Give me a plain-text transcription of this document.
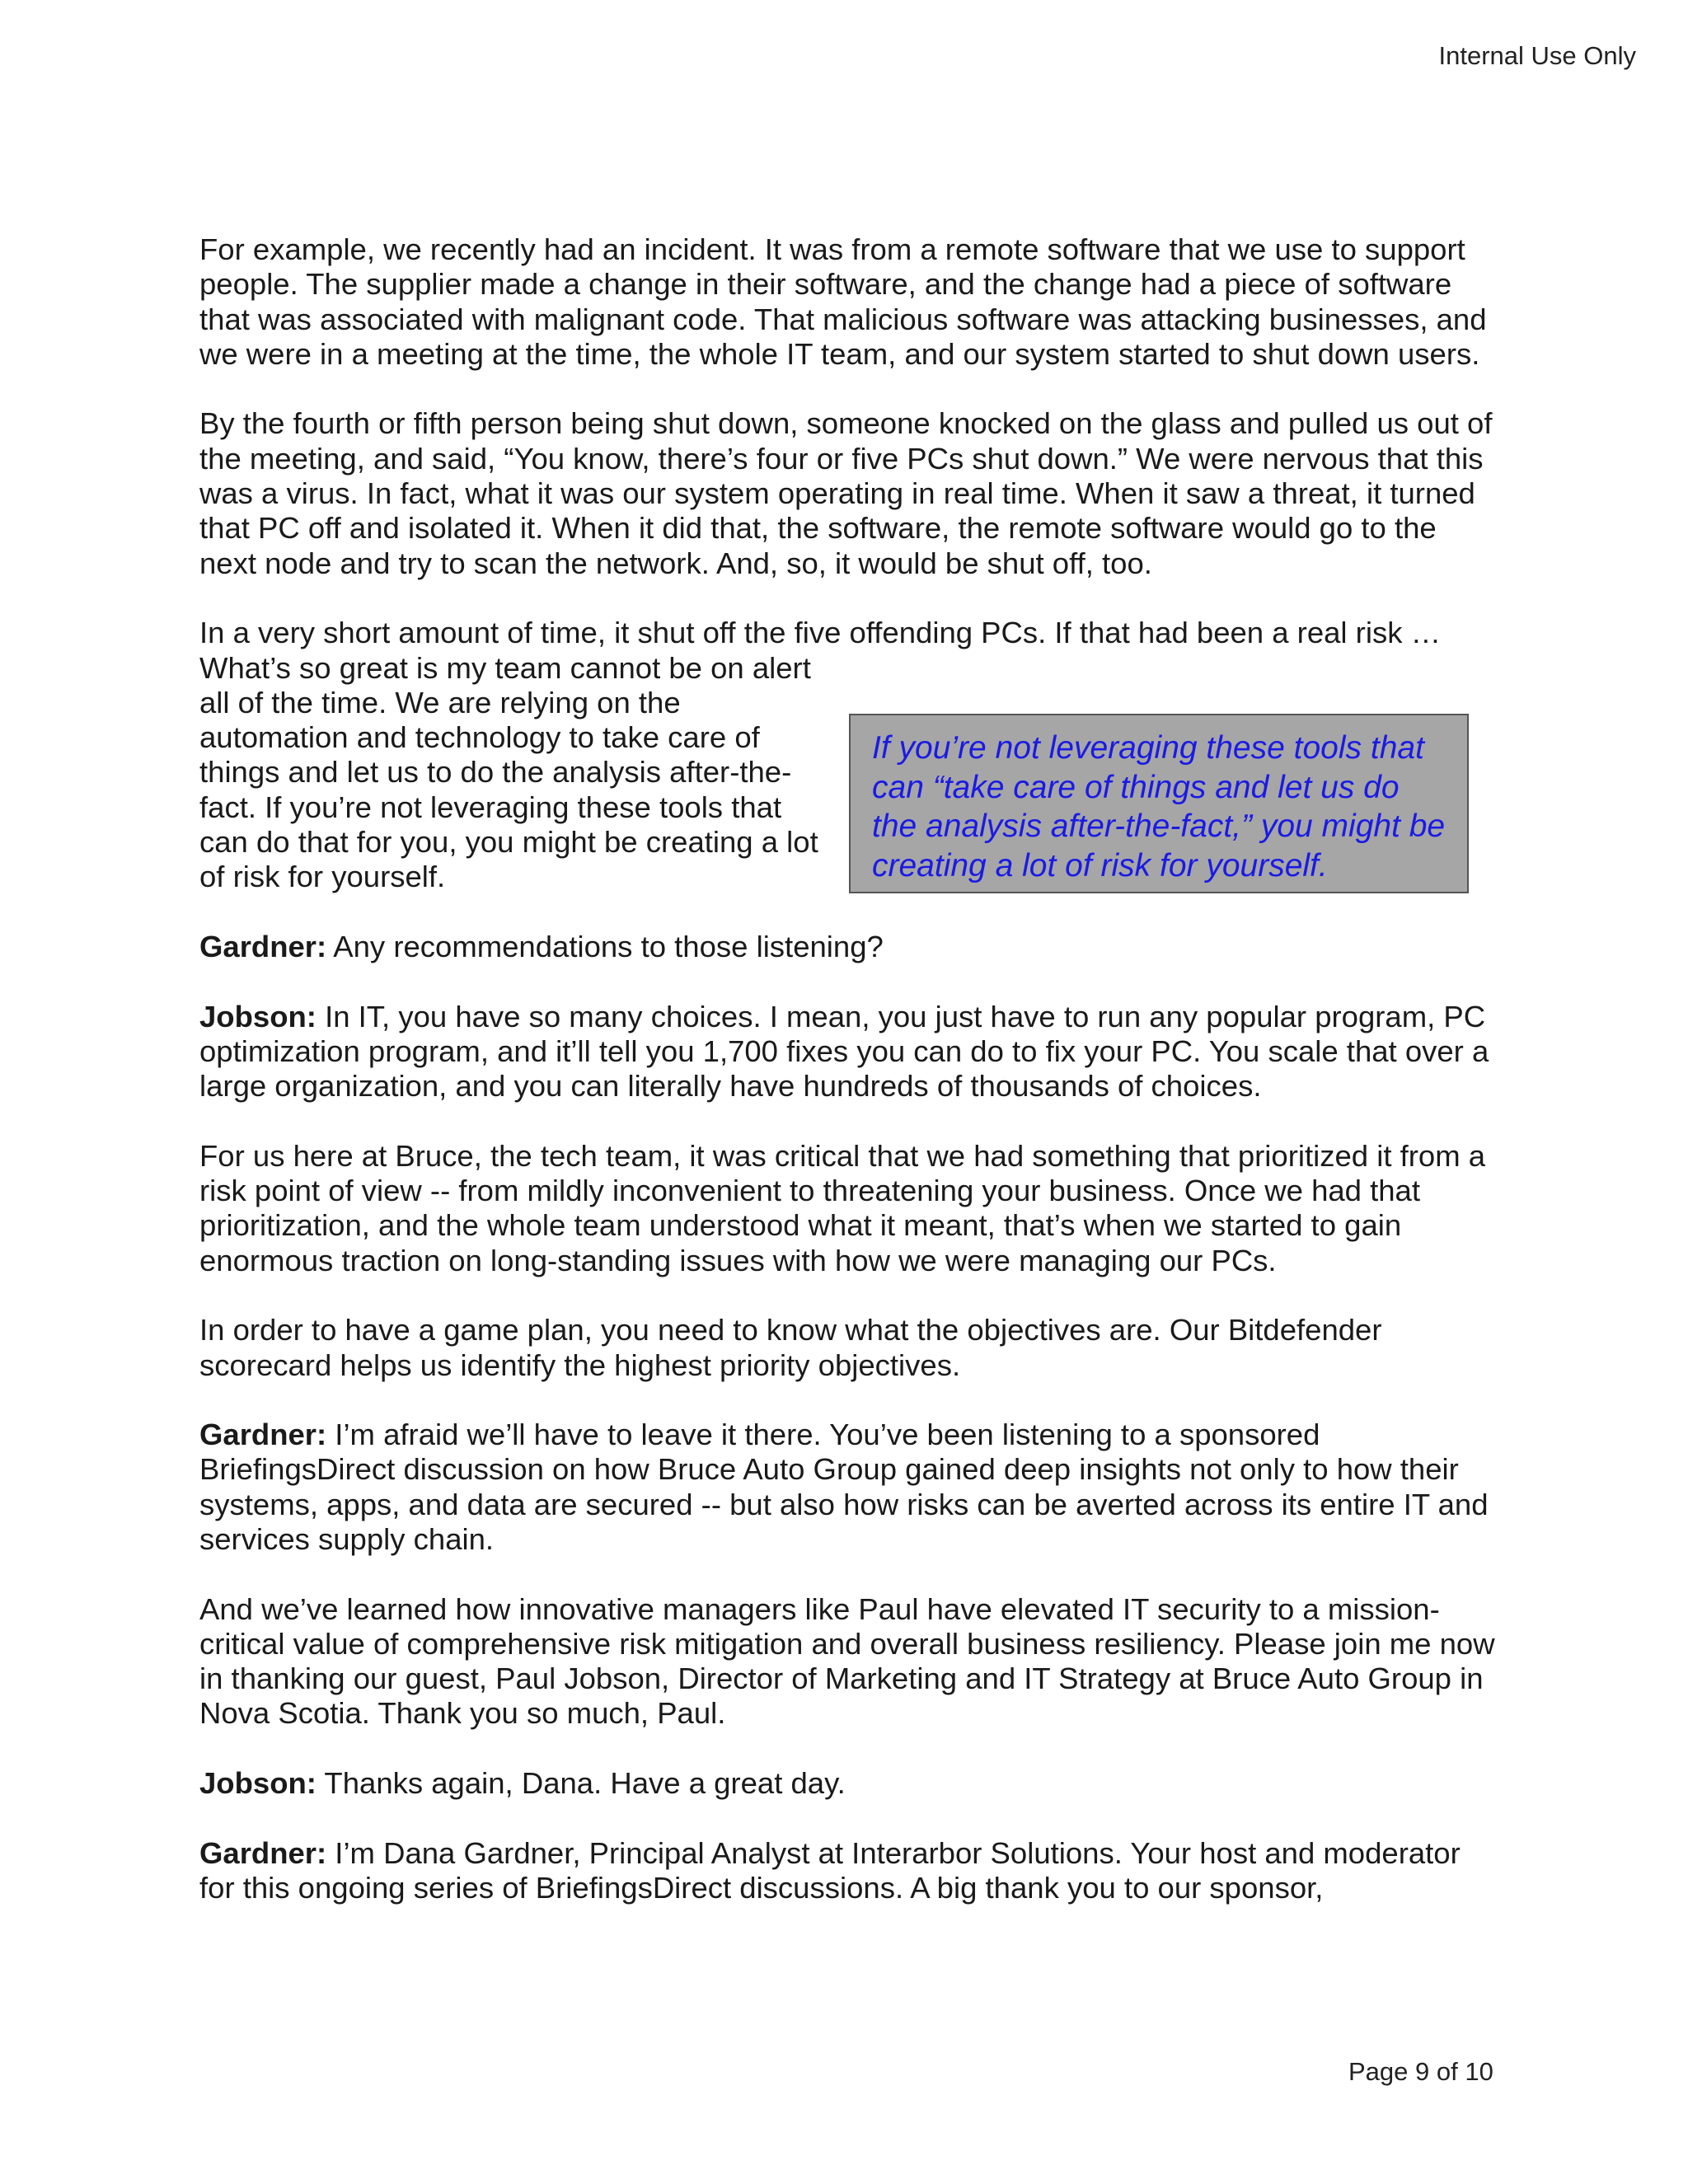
Internal Use Only

For example, we recently had an incident. It was from a remote software that we use to support people. The supplier made a change in their software, and the change had a piece of software that was associated with malignant code. That malicious software was attacking businesses, and we were in a meeting at the time, the whole IT team, and our system started to shut down users.

By the fourth or fifth person being shut down, someone knocked on the glass and pulled us out of the meeting, and said, “You know, there’s four or five PCs shut down.” We were nervous that this was a virus. In fact, what it was our system operating in real time. When it saw a threat, it turned that PC off and isolated it. When it did that, the software, the remote software would go to the next node and try to scan the network. And, so, it would be shut off, too.

In a very short amount of time, it shut off the five offending PCs. If that had been a real risk …

What’s so great is my team cannot be on alert all of the time. We are relying on the automation and technology to take care of things and let us to do the analysis after-the-fact. If you’re not leveraging these tools that can do that for you, you might be creating a lot of risk for yourself.

Gardner: Any recommendations to those listening?

Jobson: In IT, you have so many choices. I mean, you just have to run any popular program, PC optimization program, and it’ll tell you 1,700 fixes you can do to fix your PC. You scale that over a large organization, and you can literally have hundreds of thousands of choices.

For us here at Bruce, the tech team, it was critical that we had something that prioritized it from a risk point of view -- from mildly inconvenient to threatening your business. Once we had that prioritization, and the whole team understood what it meant, that’s when we started to gain enormous traction on long-standing issues with how we were managing our PCs.

In order to have a game plan, you need to know what the objectives are. Our Bitdefender scorecard helps us identify the highest priority objectives.

Gardner: I’m afraid we’ll have to leave it there. You’ve been listening to a sponsored BriefingsDirect discussion on how Bruce Auto Group gained deep insights not only to how their systems, apps, and data are secured -- but also how risks can be averted across its entire IT and services supply chain.

And we’ve learned how innovative managers like Paul have elevated IT security to a mission-critical value of comprehensive risk mitigation and overall business resiliency. Please join me now in thanking our guest, Paul Jobson, Director of Marketing and IT Strategy at Bruce Auto Group in Nova Scotia. Thank you so much, Paul.

Jobson: Thanks again, Dana. Have a great day.

Gardner: I’m Dana Gardner, Principal Analyst at Interarbor Solutions. Your host and moderator for this ongoing series of BriefingsDirect discussions. A big thank you to our sponsor,

If you’re not leveraging these tools that can “take care of things and let us do the analysis after-the-fact,” you might be creating a lot of risk for yourself.
Page 9 of 10
